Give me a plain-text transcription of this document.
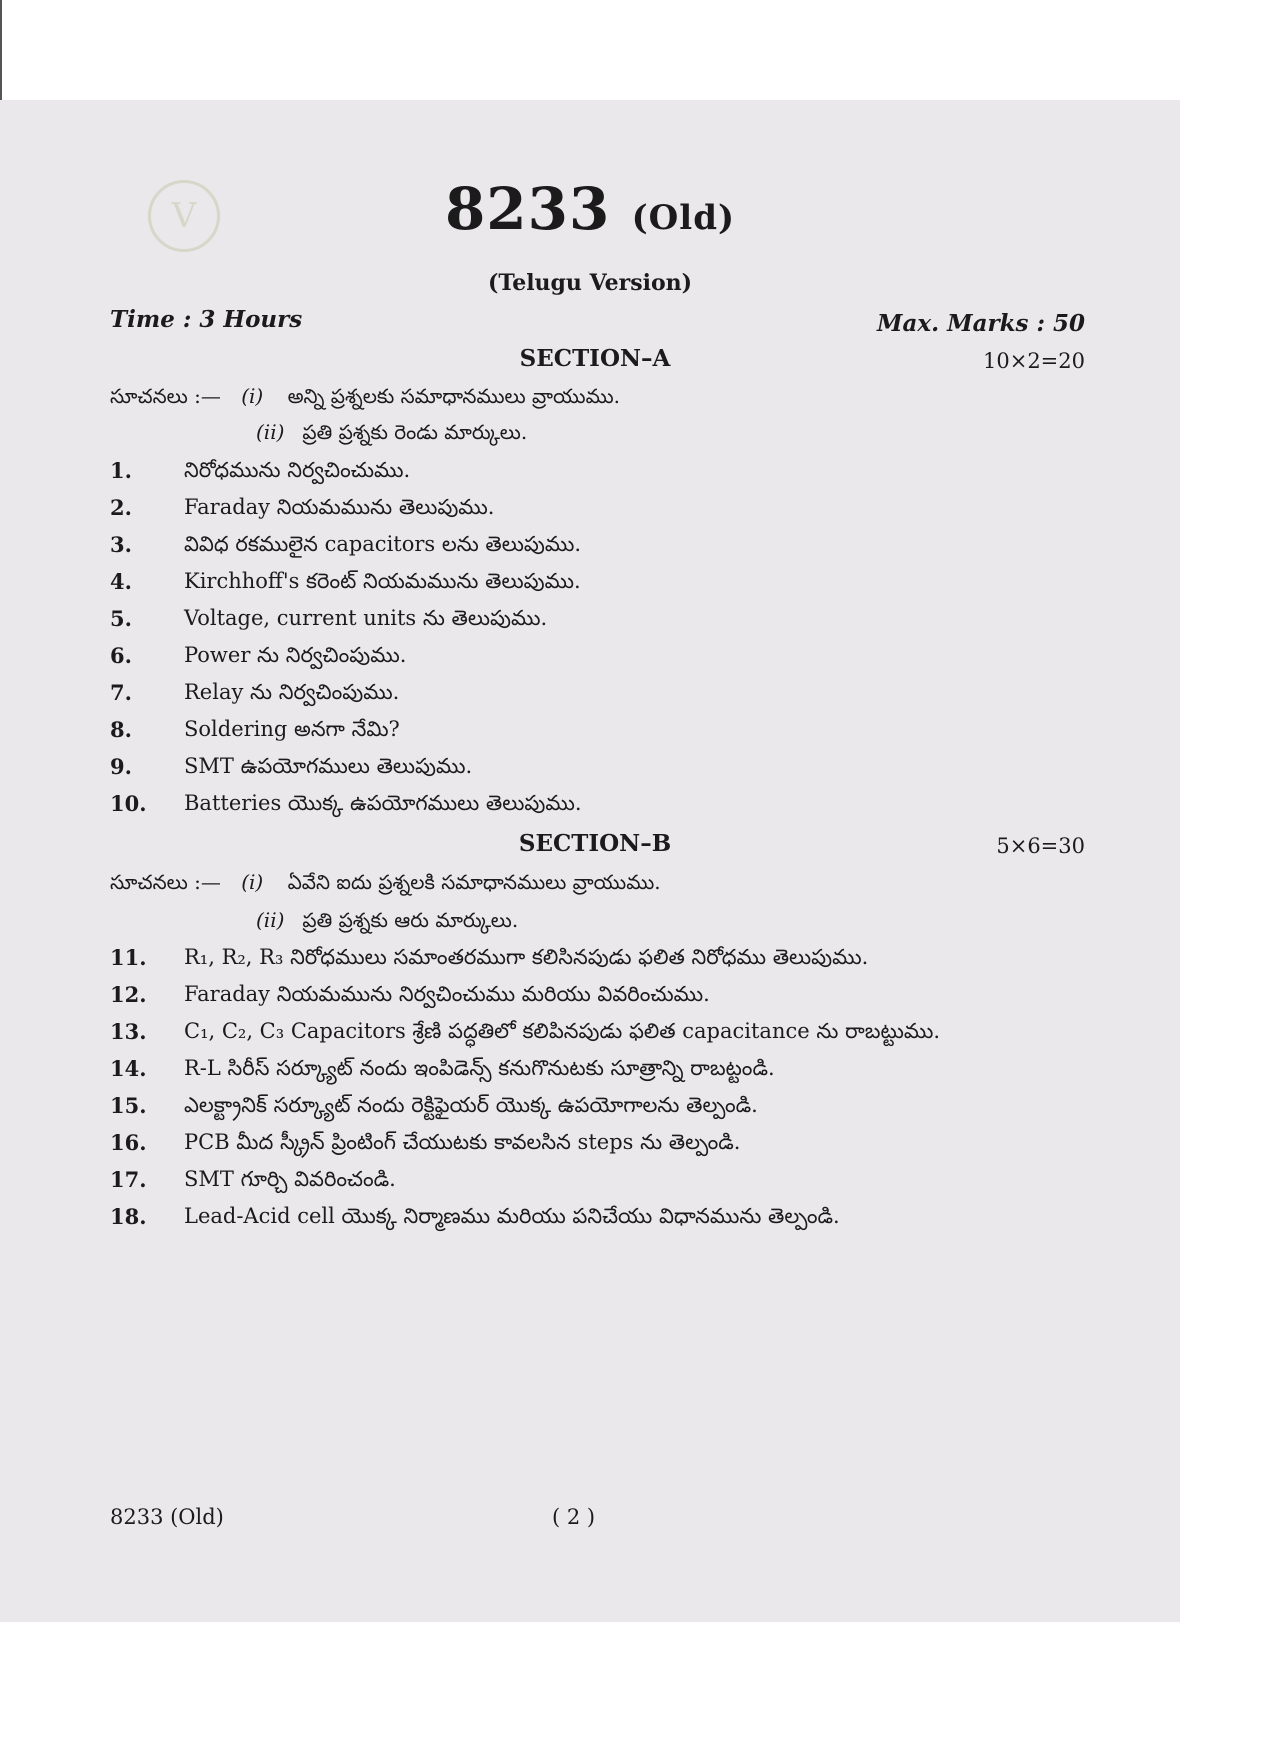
V	8233 (Old)
(Telugu Version)
Time : 3 Hours	Max. Marks : 50
SECTION–A	10×2=20
సూచనలు :— (i) అన్ని ప్రశ్నలకు సమాధానములు వ్రాయుము.
(ii) ప్రతి ప్రశ్నకు రెండు మార్కులు.
1.	నిరోధమును నిర్వచించుము.
2.	Faraday నియమమును తెలుపుము.
3.	వివిధ రకములైన capacitors లను తెలుపుము.
4.	Kirchhoff's కరెంట్ నియమమును తెలుపుము.
5.	Voltage, current units ను తెలుపుము.
6.	Power ను నిర్వచింపుము.
7.	Relay ను నిర్వచింపుము.
8.	Soldering అనగా నేమి?
9.	SMT ఉపయోగములు తెలుపుము.
10.	Batteries యొక్క ఉపయోగములు తెలుపుము.
SECTION–B	5×6=30
సూచనలు :— (i) ఏవేని ఐదు ప్రశ్నలకి సమాధానములు వ్రాయుము.
(ii) ప్రతి ప్రశ్నకు ఆరు మార్కులు.
11.	R₁, R₂, R₃ నిరోధములు సమాంతరముగా కలిసినపుడు ఫలిత నిరోధము తెలుపుము.
12.	Faraday నియమమును నిర్వచించుము మరియు వివరించుము.
13.	C₁, C₂, C₃ Capacitors శ్రేణి పద్ధతిలో కలిపినపుడు ఫలిత capacitance ను రాబట్టుము.
14.	R-L సిరీస్ సర్క్యూట్ నందు ఇంపిడెన్స్ కనుగొనుటకు సూత్రాన్ని రాబట్టండి.
15.	ఎలక్ట్రానిక్ సర్క్యూట్ నందు రెక్టిఫైయర్ యొక్క ఉపయోగాలను తెల్పండి.
16.	PCB మీద స్క్రీన్ ప్రింటింగ్ చేయుటకు కావలసిన steps ను తెల్పండి.
17.	SMT గూర్చి వివరించండి.
18.	Lead-Acid cell యొక్క నిర్మాణము మరియు పనిచేయు విధానమును తెల్పండి.
8233 (Old)	( 2 )
